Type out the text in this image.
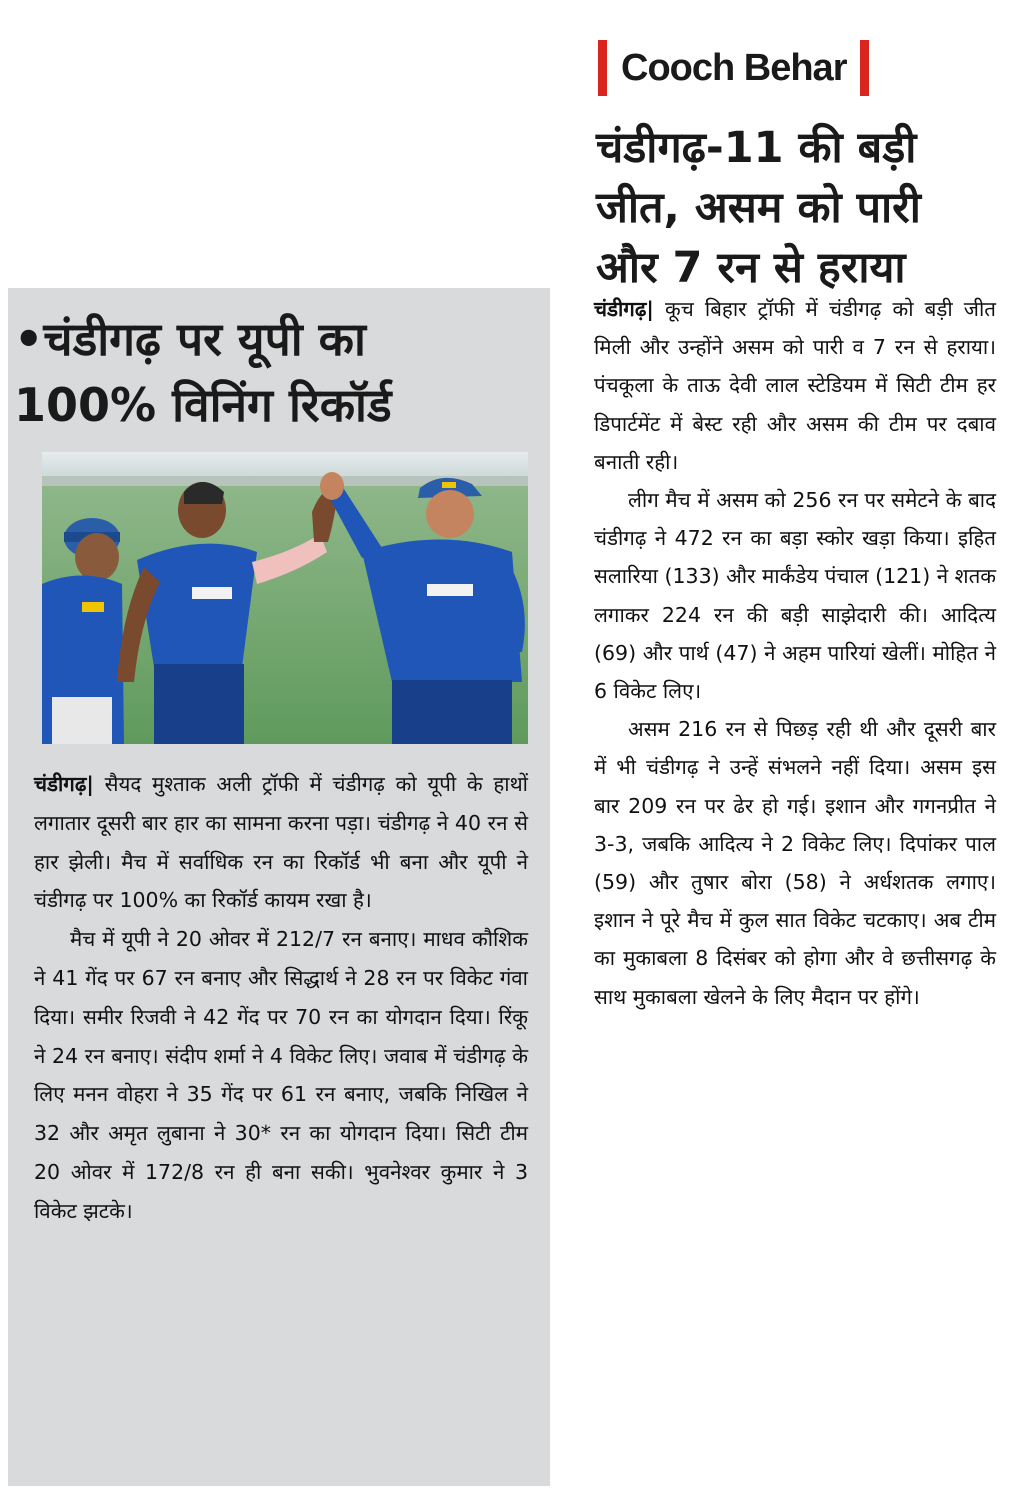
Cooch Behar
चंडीगढ़-11 की बड़ी
जीत, असम को पारी
और 7 रन से हराया

चंडीगढ़| कूच बिहार ट्रॉफी में चंडीगढ़ को बड़ी जीत मिली और उन्होंने असम को पारी व 7 रन से हराया। पंचकूला के ताऊ देवी लाल स्टेडियम में सिटी टीम हर डिपार्टमेंट में बेस्ट रही और असम की टीम पर दबाव बनाती रही।

लीग मैच में असम को 256 रन पर समेटने के बाद चंडीगढ़ ने 472 रन का बड़ा स्कोर खड़ा किया। इहित सलारिया (133) और मार्कंडेय पंचाल (121) ने शतक लगाकर 224 रन की बड़ी साझेदारी की। आदित्य (69) और पार्थ (47) ने अहम पारियां खेलीं। मोहित ने 6 विकेट लिए।

असम 216 रन से पिछड़ रही थी और दूसरी बार में भी चंडीगढ़ ने उन्हें संभलने नहीं दिया। असम इस बार 209 रन पर ढेर हो गई। इशान और गगनप्रीत ने 3-3, जबकि आदित्य ने 2 विकेट लिए। दिपांकर पाल (59) और तुषार बोरा (58) ने अर्धशतक लगाए। इशान ने पूरे मैच में कुल सात विकेट चटकाए। अब टीम का मुकाबला 8 दिसंबर को होगा और वे छत्तीसगढ़ के साथ मुकाबला खेलने के लिए मैदान पर होंगे।

•चंडीगढ़ पर यूपी का
100% विनिंग रिकॉर्ड

चंडीगढ़| सैयद मुश्ताक अली ट्रॉफी में चंडीगढ़ को यूपी के हाथों लगातार दूसरी बार हार का सामना करना पड़ा। चंडीगढ़ ने 40 रन से हार झेली। मैच में सर्वाधिक रन का रिकॉर्ड भी बना और यूपी ने चंडीगढ़ पर 100% का रिकॉर्ड कायम रखा है।

मैच में यूपी ने 20 ओवर में 212/7 रन बनाए। माधव कौशिक ने 41 गेंद पर 67 रन बनाए और सिद्धार्थ ने 28 रन पर विकेट गंवा दिया। समीर रिजवी ने 42 गेंद पर 70 रन का योगदान दिया। रिंकू ने 24 रन बनाए। संदीप शर्मा ने 4 विकेट लिए। जवाब में चंडीगढ़ के लिए मनन वोहरा ने 35 गेंद पर 61 रन बनाए, जबकि निखिल ने 32 और अमृत लुबाना ने 30* रन का योगदान दिया। सिटी टीम 20 ओवर में 172/8 रन ही बना सकी। भुवनेश्वर कुमार ने 3 विकेट झटके।
